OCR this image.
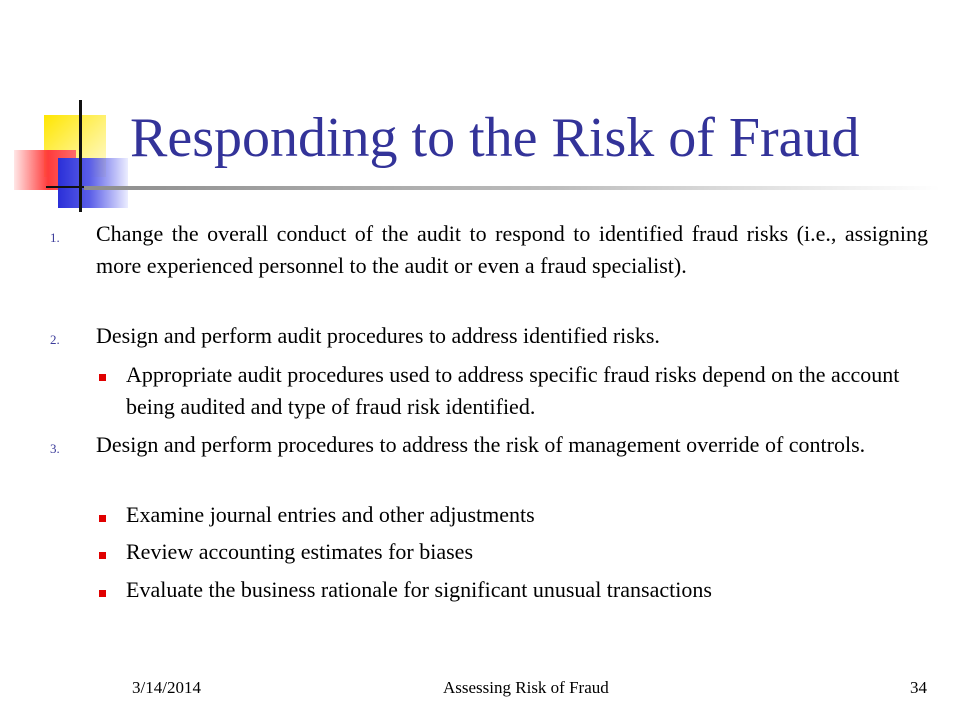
Responding to the Risk of Fraud
1. Change the overall conduct of the audit to respond to identified fraud risks (i.e., assigning more experienced personnel to the audit or even a fraud specialist).
2. Design and perform audit procedures to address identified risks.
Appropriate audit procedures used to address specific fraud risks depend on the account being audited and type of fraud risk identified.
3. Design and perform procedures to address the risk of management override of controls.
Examine journal entries and other adjustments
Review accounting estimates for biases
Evaluate the business rationale for significant unusual transactions
3/14/2014	Assessing Risk of Fraud	34
